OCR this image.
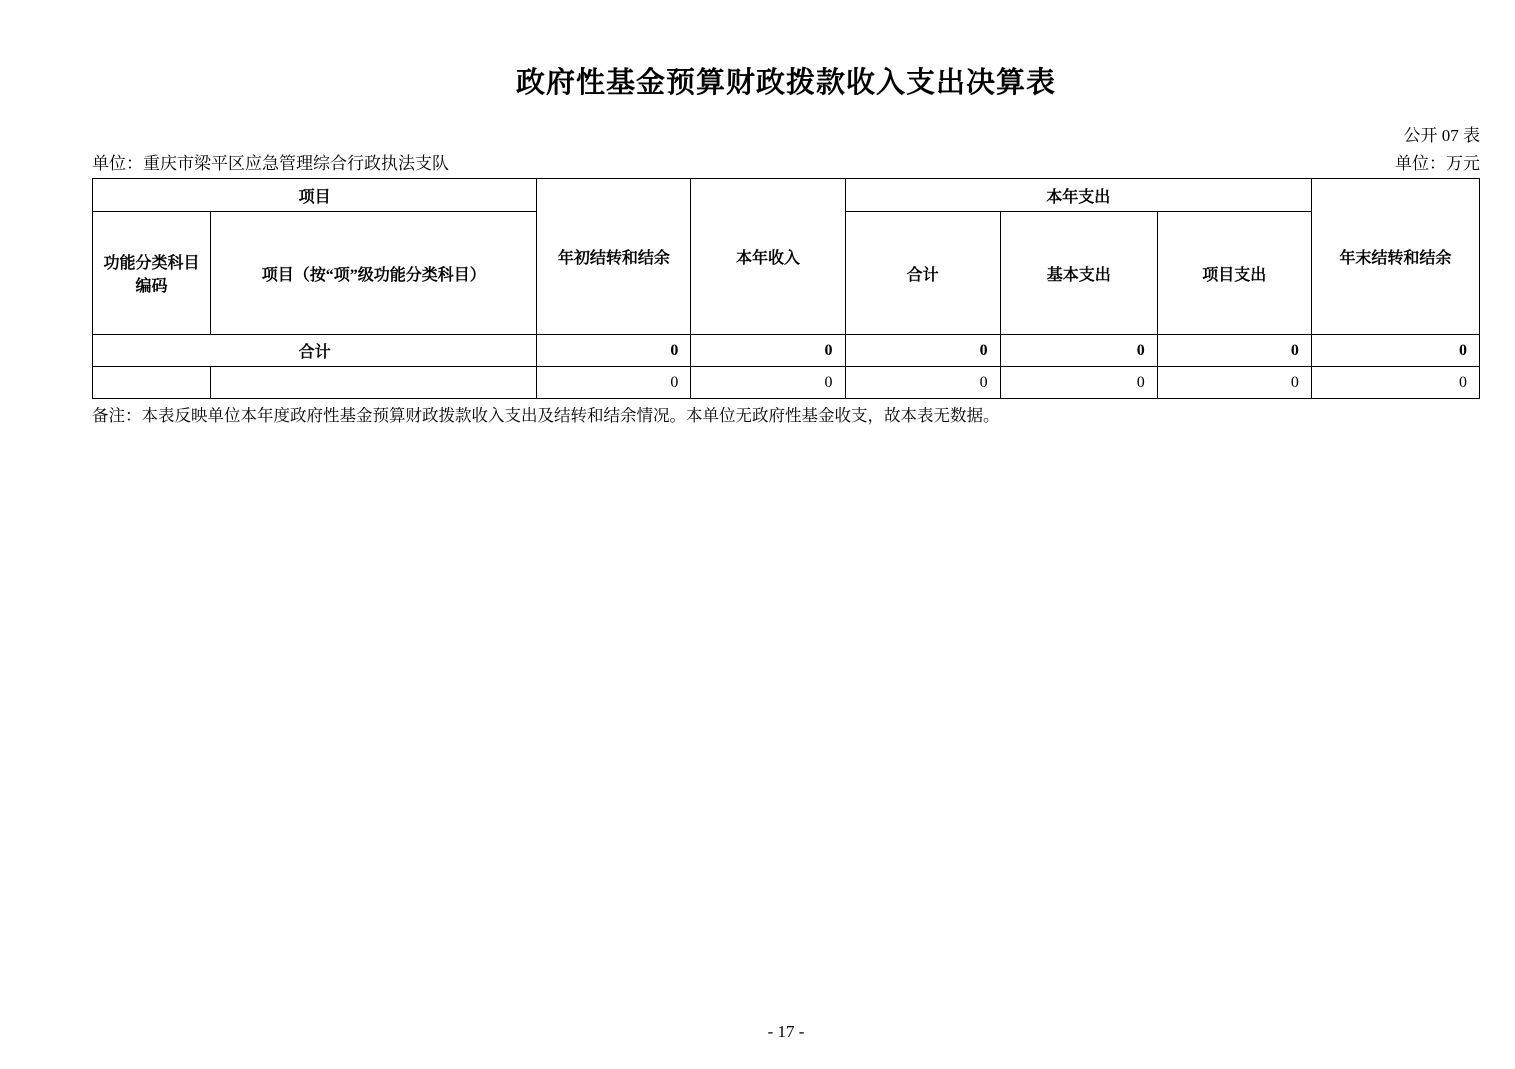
政府性基金预算财政拨款收入支出决算表
公开 07 表
单位：重庆市梁平区应急管理综合行政执法支队	单位：万元
项目		年初结转和结余	本年收入	本年支出			年末结转和结余
功能分类科目编码	项目（按“项”级功能分类科目）			合计	基本支出	项目支出	
合计		0	0	0	0	0	0
		0	0	0	0	0	0
备注：本表反映单位本年度政府性基金预算财政拨款收入支出及结转和结余情况。本单位无政府性基金收支，故本表无数据。
- 17 -
